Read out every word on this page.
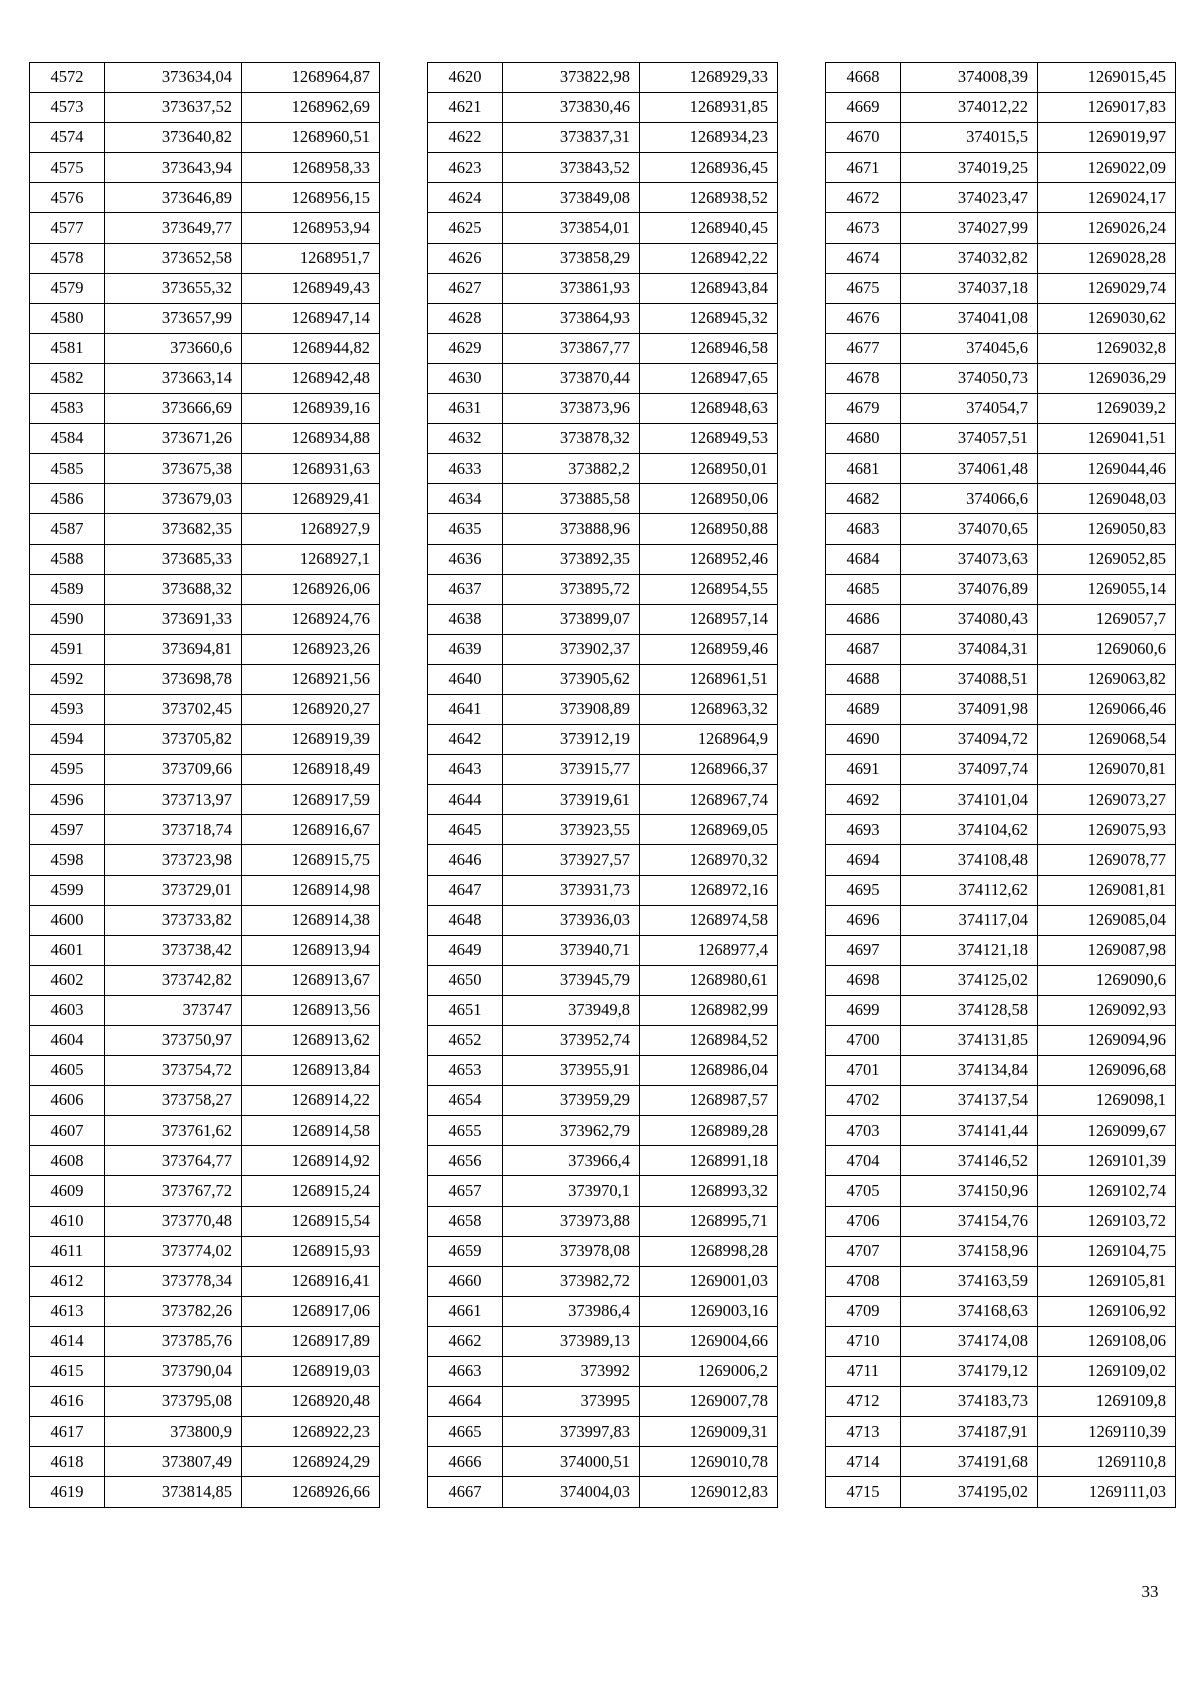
4572	373634,04	1268964,87
4573	373637,52	1268962,69
4574	373640,82	1268960,51
4575	373643,94	1268958,33
4576	373646,89	1268956,15
4577	373649,77	1268953,94
4578	373652,58	1268951,7
4579	373655,32	1268949,43
4580	373657,99	1268947,14
4581	373660,6	1268944,82
4582	373663,14	1268942,48
4583	373666,69	1268939,16
4584	373671,26	1268934,88
4585	373675,38	1268931,63
4586	373679,03	1268929,41
4587	373682,35	1268927,9
4588	373685,33	1268927,1
4589	373688,32	1268926,06
4590	373691,33	1268924,76
4591	373694,81	1268923,26
4592	373698,78	1268921,56
4593	373702,45	1268920,27
4594	373705,82	1268919,39
4595	373709,66	1268918,49
4596	373713,97	1268917,59
4597	373718,74	1268916,67
4598	373723,98	1268915,75
4599	373729,01	1268914,98
4600	373733,82	1268914,38
4601	373738,42	1268913,94
4602	373742,82	1268913,67
4603	373747	1268913,56
4604	373750,97	1268913,62
4605	373754,72	1268913,84
4606	373758,27	1268914,22
4607	373761,62	1268914,58
4608	373764,77	1268914,92
4609	373767,72	1268915,24
4610	373770,48	1268915,54
4611	373774,02	1268915,93
4612	373778,34	1268916,41
4613	373782,26	1268917,06
4614	373785,76	1268917,89
4615	373790,04	1268919,03
4616	373795,08	1268920,48
4617	373800,9	1268922,23
4618	373807,49	1268924,29
4619	373814,85	1268926,66
4620	373822,98	1268929,33
4621	373830,46	1268931,85
4622	373837,31	1268934,23
4623	373843,52	1268936,45
4624	373849,08	1268938,52
4625	373854,01	1268940,45
4626	373858,29	1268942,22
4627	373861,93	1268943,84
4628	373864,93	1268945,32
4629	373867,77	1268946,58
4630	373870,44	1268947,65
4631	373873,96	1268948,63
4632	373878,32	1268949,53
4633	373882,2	1268950,01
4634	373885,58	1268950,06
4635	373888,96	1268950,88
4636	373892,35	1268952,46
4637	373895,72	1268954,55
4638	373899,07	1268957,14
4639	373902,37	1268959,46
4640	373905,62	1268961,51
4641	373908,89	1268963,32
4642	373912,19	1268964,9
4643	373915,77	1268966,37
4644	373919,61	1268967,74
4645	373923,55	1268969,05
4646	373927,57	1268970,32
4647	373931,73	1268972,16
4648	373936,03	1268974,58
4649	373940,71	1268977,4
4650	373945,79	1268980,61
4651	373949,8	1268982,99
4652	373952,74	1268984,52
4653	373955,91	1268986,04
4654	373959,29	1268987,57
4655	373962,79	1268989,28
4656	373966,4	1268991,18
4657	373970,1	1268993,32
4658	373973,88	1268995,71
4659	373978,08	1268998,28
4660	373982,72	1269001,03
4661	373986,4	1269003,16
4662	373989,13	1269004,66
4663	373992	1269006,2
4664	373995	1269007,78
4665	373997,83	1269009,31
4666	374000,51	1269010,78
4667	374004,03	1269012,83
4668	374008,39	1269015,45
4669	374012,22	1269017,83
4670	374015,5	1269019,97
4671	374019,25	1269022,09
4672	374023,47	1269024,17
4673	374027,99	1269026,24
4674	374032,82	1269028,28
4675	374037,18	1269029,74
4676	374041,08	1269030,62
4677	374045,6	1269032,8
4678	374050,73	1269036,29
4679	374054,7	1269039,2
4680	374057,51	1269041,51
4681	374061,48	1269044,46
4682	374066,6	1269048,03
4683	374070,65	1269050,83
4684	374073,63	1269052,85
4685	374076,89	1269055,14
4686	374080,43	1269057,7
4687	374084,31	1269060,6
4688	374088,51	1269063,82
4689	374091,98	1269066,46
4690	374094,72	1269068,54
4691	374097,74	1269070,81
4692	374101,04	1269073,27
4693	374104,62	1269075,93
4694	374108,48	1269078,77
4695	374112,62	1269081,81
4696	374117,04	1269085,04
4697	374121,18	1269087,98
4698	374125,02	1269090,6
4699	374128,58	1269092,93
4700	374131,85	1269094,96
4701	374134,84	1269096,68
4702	374137,54	1269098,1
4703	374141,44	1269099,67
4704	374146,52	1269101,39
4705	374150,96	1269102,74
4706	374154,76	1269103,72
4707	374158,96	1269104,75
4708	374163,59	1269105,81
4709	374168,63	1269106,92
4710	374174,08	1269108,06
4711	374179,12	1269109,02
4712	374183,73	1269109,8
4713	374187,91	1269110,39
4714	374191,68	1269110,8
4715	374195,02	1269111,03
33
